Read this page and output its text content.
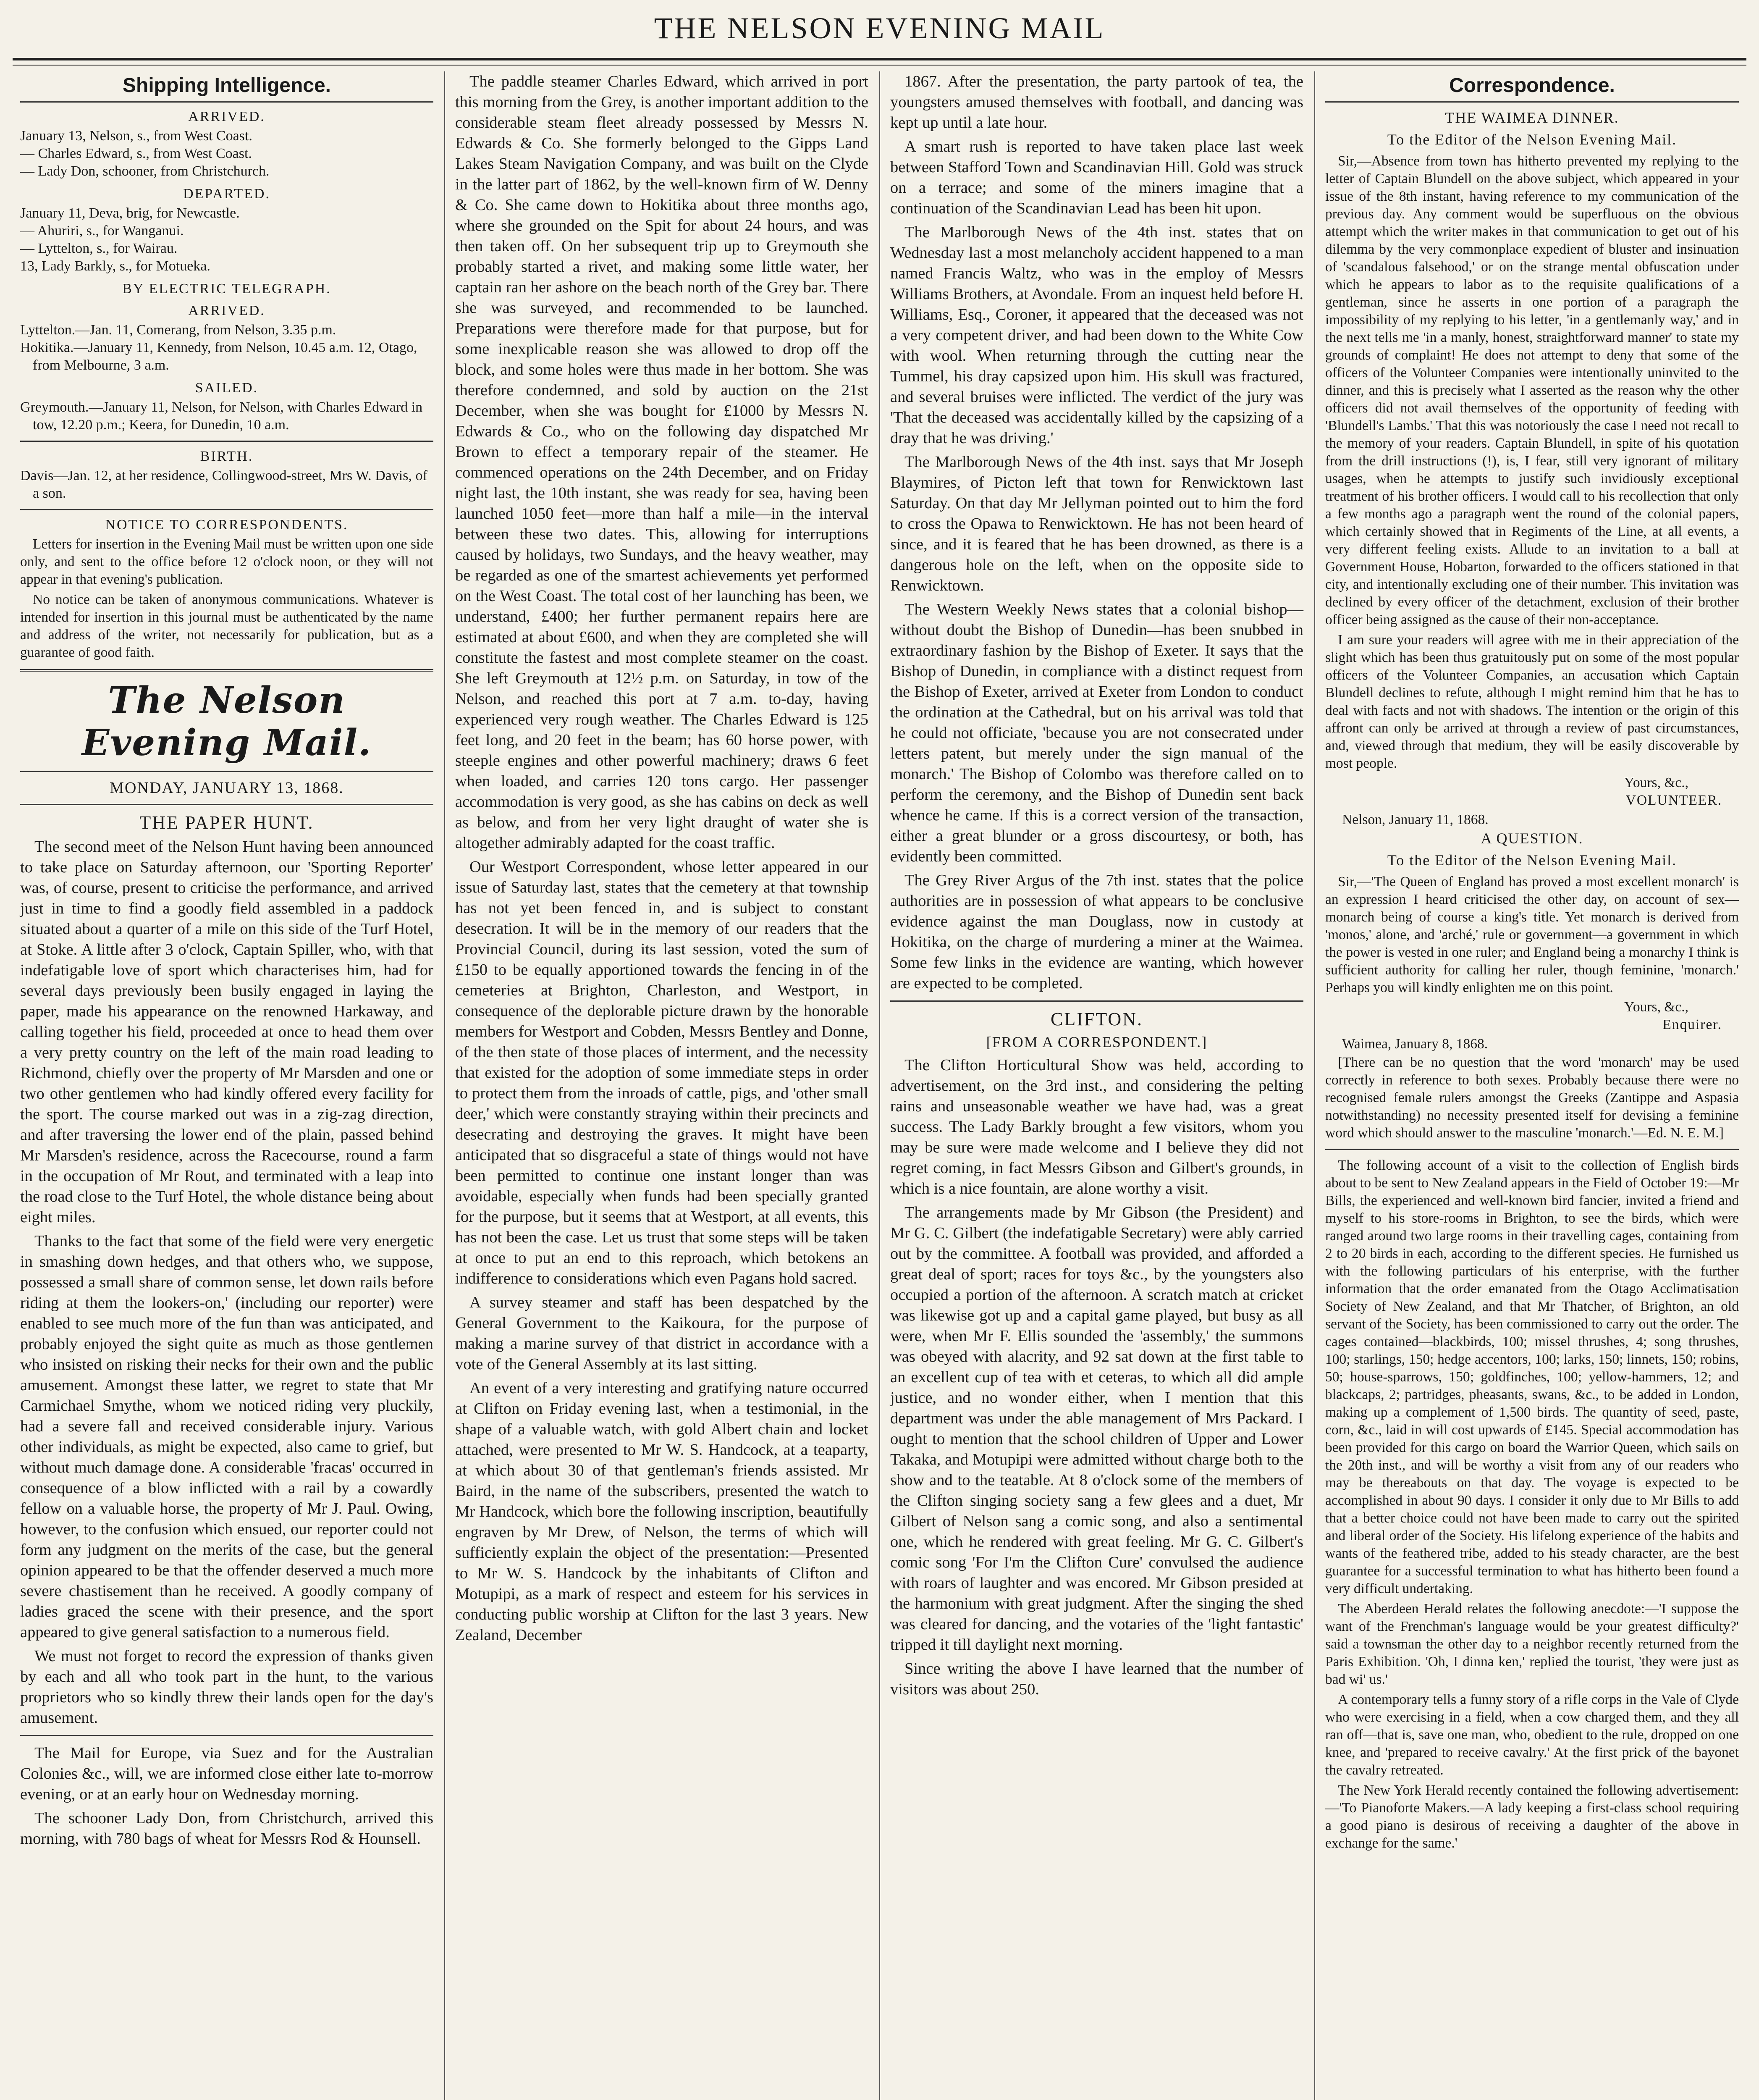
THE NELSON EVENING MAIL
Shipping Intelligence.
ARRIVED.

January 13, Nelson, s., from West Coast.

— Charles Edward, s., from West Coast.

— Lady Don, schooner, from Christchurch.

DEPARTED.

January 11, Deva, brig, for Newcastle.

— Ahuriri, s., for Wanganui.

— Lyttelton, s., for Wairau.

13, Lady Barkly, s., for Motueka.

BY ELECTRIC TELEGRAPH.
ARRIVED.

Lyttelton.—Jan. 11, Comerang, from Nelson, 3.35 p.m.

Hokitika.—January 11, Kennedy, from Nelson, 10.45 a.m. 12, Otago, from Melbourne, 3 a.m.

SAILED.

Greymouth.—January 11, Nelson, for Nelson, with Charles Edward in tow, 12.20 p.m.; Keera, for Dunedin, 10 a.m.

BIRTH.

Davis—Jan. 12, at her residence, Collingwood-street, Mrs W. Davis, of a son.

NOTICE TO CORRESPONDENTS.

Letters for insertion in the Evening Mail must be written upon one side only, and sent to the office before 12 o'clock noon, or they will not appear in that evening's publication.

No notice can be taken of anonymous communications. Whatever is intended for insertion in this journal must be authenticated by the name and address of the writer, not necessarily for publication, but as a guarantee of good faith.

The Nelson Evening Mail.
MONDAY, JANUARY 13, 1868.
THE PAPER HUNT.

The second meet of the Nelson Hunt having been announced to take place on Saturday afternoon, our 'Sporting Reporter' was, of course, present to criticise the performance, and arrived just in time to find a goodly field assembled in a paddock situated about a quarter of a mile on this side of the Turf Hotel, at Stoke. A little after 3 o'clock, Captain Spiller, who, with that indefatigable love of sport which characterises him, had for several days previously been busily engaged in laying the paper, made his appearance on the renowned Harkaway, and calling together his field, proceeded at once to head them over a very pretty country on the left of the main road leading to Richmond, chiefly over the property of Mr Marsden and one or two other gentlemen who had kindly offered every facility for the sport. The course marked out was in a zig-zag direction, and after traversing the lower end of the plain, passed behind Mr Marsden's residence, across the Racecourse, round a farm in the occupation of Mr Rout, and terminated with a leap into the road close to the Turf Hotel, the whole distance being about eight miles.

Thanks to the fact that some of the field were very energetic in smashing down hedges, and that others who, we suppose, possessed a small share of common sense, let down rails before riding at them the lookers-on,' (including our reporter) were enabled to see much more of the fun than was anticipated, and probably enjoyed the sight quite as much as those gentlemen who insisted on risking their necks for their own and the public amusement. Amongst these latter, we regret to state that Mr Carmichael Smythe, whom we noticed riding very pluckily, had a severe fall and received considerable injury. Various other individuals, as might be expected, also came to grief, but without much damage done. A considerable 'fracas' occurred in consequence of a blow inflicted with a rail by a cowardly fellow on a valuable horse, the property of Mr J. Paul. Owing, however, to the confusion which ensued, our reporter could not form any judgment on the merits of the case, but the general opinion appeared to be that the offender deserved a much more severe chastisement than he received. A goodly company of ladies graced the scene with their presence, and the sport appeared to give general satisfaction to a numerous field.

We must not forget to record the expression of thanks given by each and all who took part in the hunt, to the various proprietors who so kindly threw their lands open for the day's amusement.

The Mail for Europe, via Suez and for the Australian Colonies &c., will, we are informed close either late to-morrow evening, or at an early hour on Wednesday morning.

The schooner Lady Don, from Christchurch, arrived this morning, with 780 bags of wheat for Messrs Rod & Hounsell.

The paddle steamer Charles Edward, which arrived in port this morning from the Grey, is another important addition to the considerable steam fleet already possessed by Messrs N. Edwards & Co. She formerly belonged to the Gipps Land Lakes Steam Navigation Company, and was built on the Clyde in the latter part of 1862, by the well-known firm of W. Denny & Co. She came down to Hokitika about three months ago, where she grounded on the Spit for about 24 hours, and was then taken off. On her subsequent trip up to Greymouth she probably started a rivet, and making some little water, her captain ran her ashore on the beach north of the Grey bar. There she was surveyed, and recommended to be launched. Preparations were therefore made for that purpose, but for some inexplicable reason she was allowed to drop off the block, and some holes were thus made in her bottom. She was therefore condemned, and sold by auction on the 21st December, when she was bought for £1000 by Messrs N. Edwards & Co., who on the following day dispatched Mr Brown to effect a temporary repair of the steamer. He commenced operations on the 24th December, and on Friday night last, the 10th instant, she was ready for sea, having been launched 1050 feet—more than half a mile—in the interval between these two dates. This, allowing for interruptions caused by holidays, two Sundays, and the heavy weather, may be regarded as one of the smartest achievements yet performed on the West Coast. The total cost of her launching has been, we understand, £400; her further permanent repairs here are estimated at about £600, and when they are completed she will constitute the fastest and most complete steamer on the coast. She left Greymouth at 12½ p.m. on Saturday, in tow of the Nelson, and reached this port at 7 a.m. to-day, having experienced very rough weather. The Charles Edward is 125 feet long, and 20 feet in the beam; has 60 horse power, with steeple engines and other powerful machinery; draws 6 feet when loaded, and carries 120 tons cargo. Her passenger accommodation is very good, as she has cabins on deck as well as below, and from her very light draught of water she is altogether admirably adapted for the coast traffic.

Our Westport Correspondent, whose letter appeared in our issue of Saturday last, states that the cemetery at that township has not yet been fenced in, and is subject to constant desecration. It will be in the memory of our readers that the Provincial Council, during its last session, voted the sum of £150 to be equally apportioned towards the fencing in of the cemeteries at Brighton, Charleston, and Westport, in consequence of the deplorable picture drawn by the honorable members for Westport and Cobden, Messrs Bentley and Donne, of the then state of those places of interment, and the necessity that existed for the adoption of some immediate steps in order to protect them from the inroads of cattle, pigs, and 'other small deer,' which were constantly straying within their precincts and desecrating and destroying the graves. It might have been anticipated that so disgraceful a state of things would not have been permitted to continue one instant longer than was avoidable, especially when funds had been specially granted for the purpose, but it seems that at Westport, at all events, this has not been the case. Let us trust that some steps will be taken at once to put an end to this reproach, which betokens an indifference to considerations which even Pagans hold sacred.

A survey steamer and staff has been despatched by the General Government to the Kaikoura, for the purpose of making a marine survey of that district in accordance with a vote of the General Assembly at its last sitting.

An event of a very interesting and gratifying nature occurred at Clifton on Friday evening last, when a testimonial, in the shape of a valuable watch, with gold Albert chain and locket attached, were presented to Mr W. S. Handcock, at a teaparty, at which about 30 of that gentleman's friends assisted. Mr Baird, in the name of the subscribers, presented the watch to Mr Handcock, which bore the following inscription, beautifully engraven by Mr Drew, of Nelson, the terms of which will sufficiently explain the object of the presentation:—Presented to Mr W. S. Handcock by the inhabitants of Clifton and Motupipi, as a mark of respect and esteem for his services in conducting public worship at Clifton for the last 3 years. New Zealand, December

1867. After the presentation, the party partook of tea, the youngsters amused themselves with football, and dancing was kept up until a late hour.

A smart rush is reported to have taken place last week between Stafford Town and Scandinavian Hill. Gold was struck on a terrace; and some of the miners imagine that a continuation of the Scandinavian Lead has been hit upon.

The Marlborough News of the 4th inst. states that on Wednesday last a most melancholy accident happened to a man named Francis Waltz, who was in the employ of Messrs Williams Brothers, at Avondale. From an inquest held before H. Williams, Esq., Coroner, it appeared that the deceased was not a very competent driver, and had been down to the White Cow with wool. When returning through the cutting near the Tummel, his dray capsized upon him. His skull was fractured, and several bruises were inflicted. The verdict of the jury was 'That the deceased was accidentally killed by the capsizing of a dray that he was driving.'

The Marlborough News of the 4th inst. says that Mr Joseph Blaymires, of Picton left that town for Renwicktown last Saturday. On that day Mr Jellyman pointed out to him the ford to cross the Opawa to Renwicktown. He has not been heard of since, and it is feared that he has been drowned, as there is a dangerous hole on the left, when on the opposite side to Renwicktown.

The Western Weekly News states that a colonial bishop—without doubt the Bishop of Dunedin—has been snubbed in extraordinary fashion by the Bishop of Exeter. It says that the Bishop of Dunedin, in compliance with a distinct request from the Bishop of Exeter, arrived at Exeter from London to conduct the ordination at the Cathedral, but on his arrival was told that he could not officiate, 'because you are not consecrated under letters patent, but merely under the sign manual of the monarch.' The Bishop of Colombo was therefore called on to perform the ceremony, and the Bishop of Dunedin sent back whence he came. If this is a correct version of the transaction, either a great blunder or a gross discourtesy, or both, has evidently been committed.

The Grey River Argus of the 7th inst. states that the police authorities are in possession of what appears to be conclusive evidence against the man Douglass, now in custody at Hokitika, on the charge of murdering a miner at the Waimea. Some few links in the evidence are wanting, which however are expected to be completed.

CLIFTON.
[FROM A CORRESPONDENT.]

The Clifton Horticultural Show was held, according to advertisement, on the 3rd inst., and considering the pelting rains and unseasonable weather we have had, was a great success. The Lady Barkly brought a few visitors, whom you may be sure were made welcome and I believe they did not regret coming, in fact Messrs Gibson and Gilbert's grounds, in which is a nice fountain, are alone worthy a visit.

The arrangements made by Mr Gibson (the President) and Mr G. C. Gilbert (the indefatigable Secretary) were ably carried out by the committee. A football was provided, and afforded a great deal of sport; races for toys &c., by the youngsters also occupied a portion of the afternoon. A scratch match at cricket was likewise got up and a capital game played, but busy as all were, when Mr F. Ellis sounded the 'assembly,' the summons was obeyed with alacrity, and 92 sat down at the first table to an excellent cup of tea with et ceteras, to which all did ample justice, and no wonder either, when I mention that this department was under the able management of Mrs Packard. I ought to mention that the school children of Upper and Lower Takaka, and Motupipi were admitted without charge both to the show and to the teatable. At 8 o'clock some of the members of the Clifton singing society sang a few glees and a duet, Mr Gilbert of Nelson sang a comic song, and also a sentimental one, which he rendered with great feeling. Mr G. C. Gilbert's comic song 'For I'm the Clifton Cure' convulsed the audience with roars of laughter and was encored. Mr Gibson presided at the harmonium with great judgment. After the singing the shed was cleared for dancing, and the votaries of the 'light fantastic' tripped it till daylight next morning.

Since writing the above I have learned that the number of visitors was about 250.

Correspondence.
THE WAIMEA DINNER.
To the Editor of the Nelson Evening Mail.

Sir,—Absence from town has hitherto prevented my replying to the letter of Captain Blundell on the above subject, which appeared in your issue of the 8th instant, having reference to my communication of the previous day. Any comment would be superfluous on the obvious attempt which the writer makes in that communication to get out of his dilemma by the very commonplace expedient of bluster and insinuation of 'scandalous falsehood,' or on the strange mental obfuscation under which he appears to labor as to the requisite qualifications of a gentleman, since he asserts in one portion of a paragraph the impossibility of my replying to his letter, 'in a gentlemanly way,' and in the next tells me 'in a manly, honest, straightforward manner' to state my grounds of complaint! He does not attempt to deny that some of the officers of the Volunteer Companies were intentionally uninvited to the dinner, and this is precisely what I asserted as the reason why the other officers did not avail themselves of the opportunity of feeding with 'Blundell's Lambs.' That this was notoriously the case I need not recall to the memory of your readers. Captain Blundell, in spite of his quotation from the drill instructions (!), is, I fear, still very ignorant of military usages, when he attempts to justify such invidiously exceptional treatment of his brother officers. I would call to his recollection that only a few months ago a paragraph went the round of the colonial papers, which certainly showed that in Regiments of the Line, at all events, a very different feeling exists. Allude to an invitation to a ball at Government House, Hobarton, forwarded to the officers stationed in that city, and intentionally excluding one of their number. This invitation was declined by every officer of the detachment, exclusion of their brother officer being assigned as the cause of their non-acceptance.

I am sure your readers will agree with me in their appreciation of the slight which has been thus gratuitously put on some of the most popular officers of the Volunteer Companies, an accusation which Captain Blundell declines to refute, although I might remind him that he has to deal with facts and not with shadows. The intention or the origin of this affront can only be arrived at through a review of past circumstances, and, viewed through that medium, they will be easily discoverable by most people.

Yours, &c.,
VOLUNTEER.
Nelson, January 11, 1868.
A QUESTION.
To the Editor of the Nelson Evening Mail.

Sir,—'The Queen of England has proved a most excellent monarch' is an expression I heard criticised the other day, on account of sex—monarch being of course a king's title. Yet monarch is derived from 'monos,' alone, and 'arché,' rule or government—a government in which the power is vested in one ruler; and England being a monarchy I think is sufficient authority for calling her ruler, though feminine, 'monarch.' Perhaps you will kindly enlighten me on this point.

Yours, &c.,
Enquirer.
Waimea, January 8, 1868.

[There can be no question that the word 'monarch' may be used correctly in reference to both sexes. Probably because there were no recognised female rulers amongst the Greeks (Zantippe and Aspasia notwithstanding) no necessity presented itself for devising a feminine word which should answer to the masculine 'monarch.'—Ed. N. E. M.]

The following account of a visit to the collection of English birds about to be sent to New Zealand appears in the Field of October 19:—Mr Bills, the experienced and well-known bird fancier, invited a friend and myself to his store-rooms in Brighton, to see the birds, which were ranged around two large rooms in their travelling cages, containing from 2 to 20 birds in each, according to the different species. He furnished us with the following particulars of his enterprise, with the further information that the order emanated from the Otago Acclimatisation Society of New Zealand, and that Mr Thatcher, of Brighton, an old servant of the Society, has been commissioned to carry out the order. The cages contained—blackbirds, 100; missel thrushes, 4; song thrushes, 100; starlings, 150; hedge accentors, 100; larks, 150; linnets, 150; robins, 50; house-sparrows, 150; goldfinches, 100; yellow-hammers, 12; and blackcaps, 2; partridges, pheasants, swans, &c., to be added in London, making up a complement of 1,500 birds. The quantity of seed, paste, corn, &c., laid in will cost upwards of £145. Special accommodation has been provided for this cargo on board the Warrior Queen, which sails on the 20th inst., and will be worthy a visit from any of our readers who may be thereabouts on that day. The voyage is expected to be accomplished in about 90 days. I consider it only due to Mr Bills to add that a better choice could not have been made to carry out the spirited and liberal order of the Society. His lifelong experience of the habits and wants of the feathered tribe, added to his steady character, are the best guarantee for a successful termination to what has hitherto been found a very difficult undertaking.

The Aberdeen Herald relates the following anecdote:—'I suppose the want of the Frenchman's language would be your greatest difficulty?' said a townsman the other day to a neighbor recently returned from the Paris Exhibition. 'Oh, I dinna ken,' replied the tourist, 'they were just as bad wi' us.'

A contemporary tells a funny story of a rifle corps in the Vale of Clyde who were exercising in a field, when a cow charged them, and they all ran off—that is, save one man, who, obedient to the rule, dropped on one knee, and 'prepared to receive cavalry.' At the first prick of the bayonet the cavalry retreated.

The New York Herald recently contained the following advertisement:—'To Pianoforte Makers.—A lady keeping a first-class school requiring a good piano is desirous of receiving a daughter of the above in exchange for the same.'
